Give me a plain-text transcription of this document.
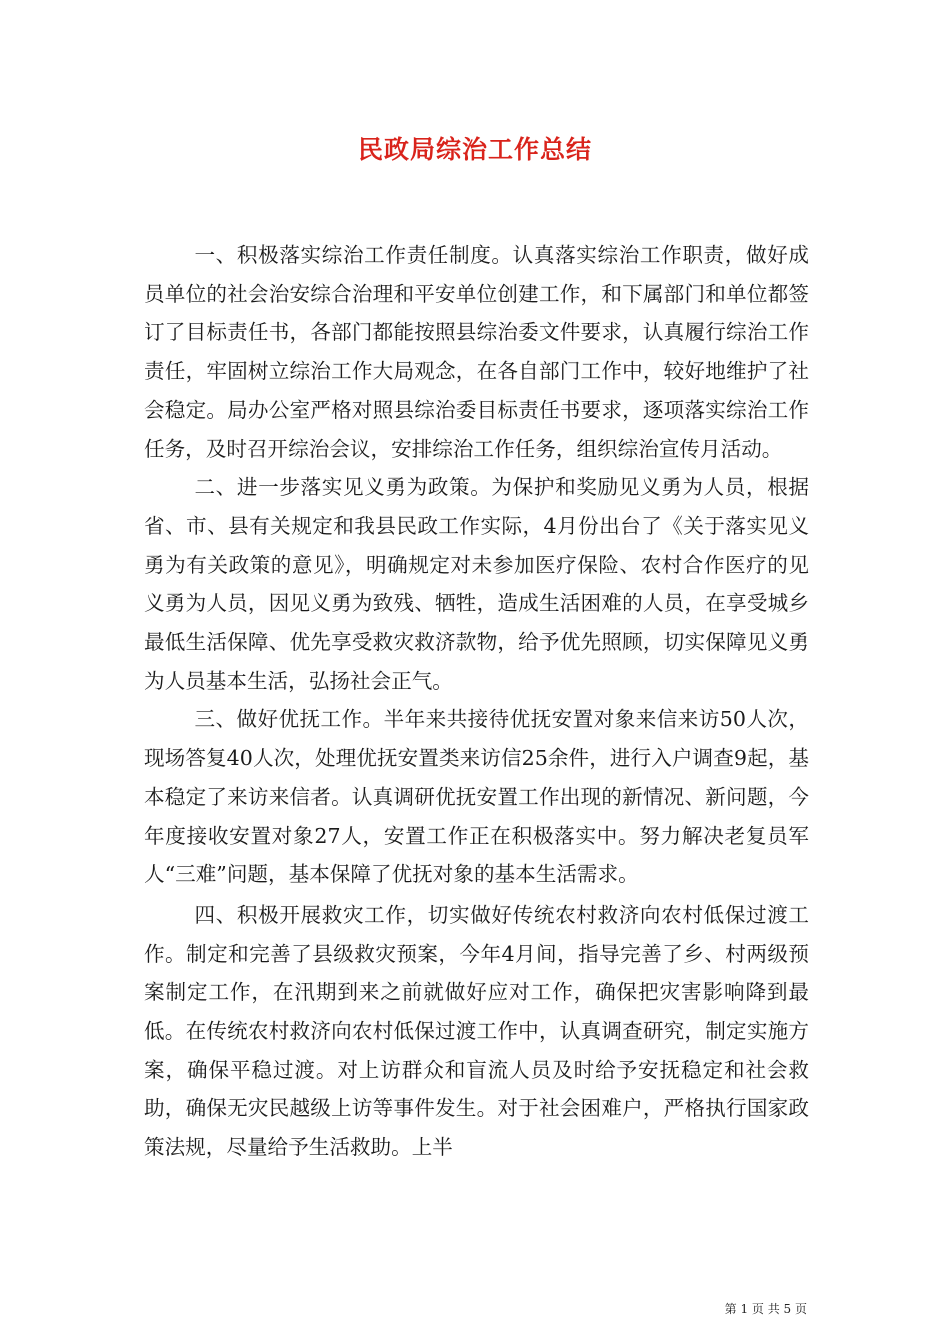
民政局综治工作总结

一、积极落实综治工作责任制度。认真落实综治工作职责，做好成员单位的社会治安综合治理和平安单位创建工作，和下属部门和单位都签订了目标责任书，各部门都能按照县综治委文件要求，认真履行综治工作责任，牢固树立综治工作大局观念，在各自部门工作中，较好地维护了社会稳定。局办公室严格对照县综治委目标责任书要求，逐项落实综治工作任务，及时召开综治会议，安排综治工作任务，组织综治宣传月活动。

二、进一步落实见义勇为政策。为保护和奖励见义勇为人员，根据省、市、县有关规定和我县民政工作实际，4月份出台了《关于落实见义勇为有关政策的意见》，明确规定对未参加医疗保险、农村合作医疗的见义勇为人员，因见义勇为致残、牺牲，造成生活困难的人员，在享受城乡最低生活保障、优先享受救灾救济款物，给予优先照顾，切实保障见义勇为人员基本生活，弘扬社会正气。

三、做好优抚工作。半年来共接待优抚安置对象来信来访50人次，现场答复40人次，处理优抚安置类来访信25余件，进行入户调查9起，基本稳定了来访来信者。认真调研优抚安置工作出现的新情况、新问题，今年度接收安置对象27人，安置工作正在积极落实中。努力解决老复员军人“三难”问题，基本保障了优抚对象的基本生活需求。

四、积极开展救灾工作，切实做好传统农村救济向农村低保过渡工作。制定和完善了县级救灾预案，今年4月间，指导完善了乡、村两级预案制定工作，在汛期到来之前就做好应对工作，确保把灾害影响降到最低。在传统农村救济向农村低保过渡工作中，认真调查研究，制定实施方案，确保平稳过渡。对上访群众和盲流人员及时给予安抚稳定和社会救助，确保无灾民越级上访等事件发生。对于社会困难户，严格执行国家政策法规，尽量给予生活救助。上半

第 1 页 共 5 页
